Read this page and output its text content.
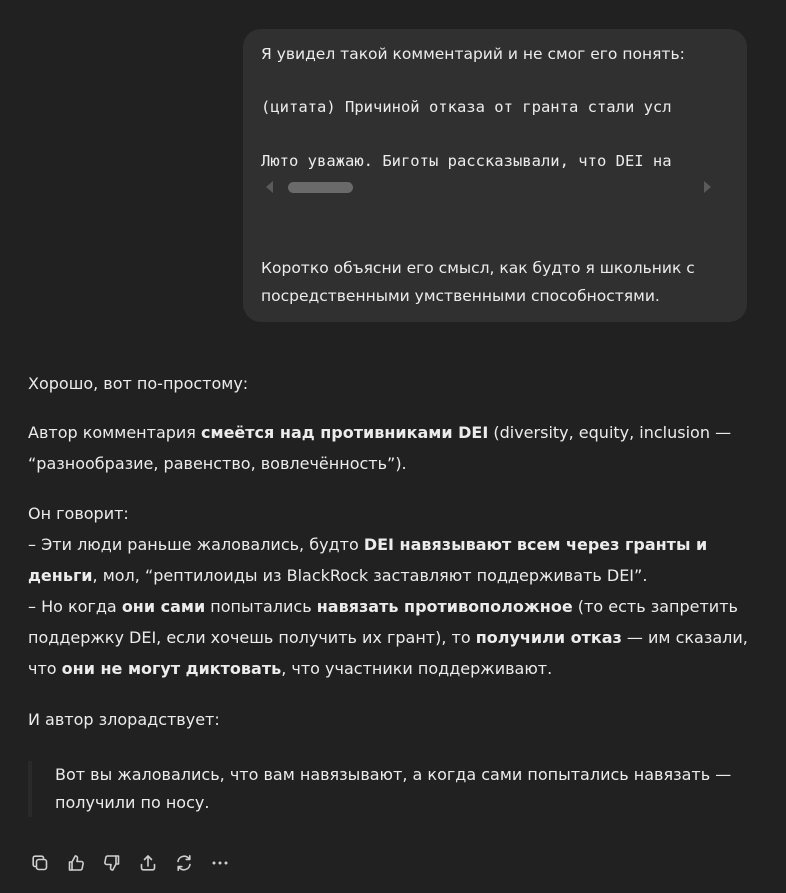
Я увидел такой комментарий и не смог его понять:
(цитата) Причиной отказа от гранта стали усл
Люто уважаю. Биготы рассказывали, что DEI на
Коротко объясни его смысл, как будто я школьник с посредственными умственными способностями.

Хорошо, вот по-простому:

Автор комментария смеётся над противниками DEI (diversity, equity, inclusion — “разнообразие, равенство, вовлечённость”).

Он говорит:
– Эти люди раньше жаловались, будто DEI навязывают всем через гранты и деньги, мол, “рептилоиды из BlackRock заставляют поддерживать DEI”.
– Но когда они сами попытались навязать противоположное (то есть запретить поддержку DEI, если хочешь получить их грант), то получили отказ — им сказали, что они не могут диктовать, что участники поддерживают.

И автор злорадствует:

Вот вы жаловались, что вам навязывают, а когда сами попытались навязать — получили по носу.
